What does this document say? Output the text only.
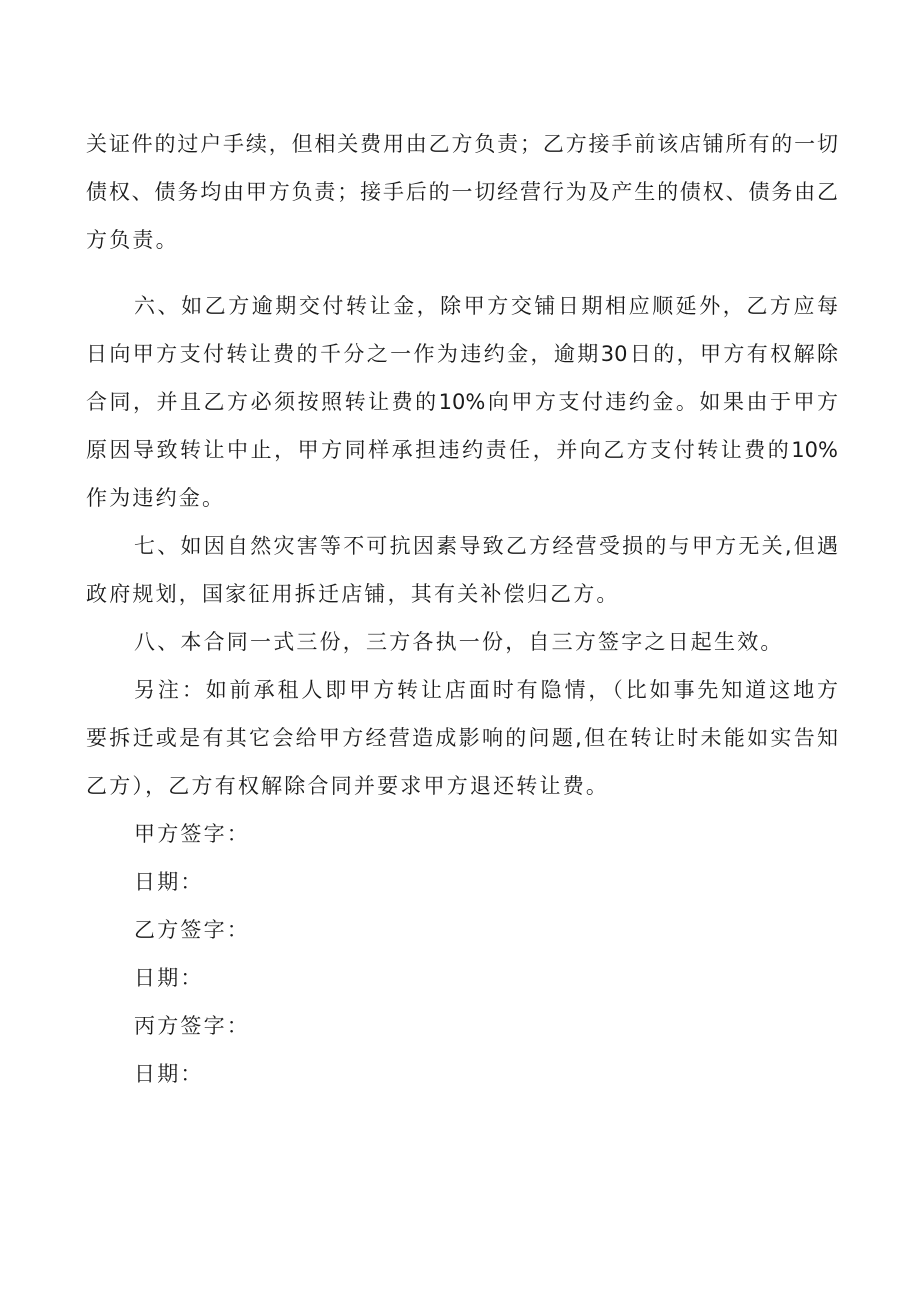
关证件的过户手续，但相关费用由乙方负责；乙方接手前该店铺所有的一切
债权、债务均由甲方负责；接手后的一切经营行为及产生的债权、债务由乙
方负责。
六、如乙方逾期交付转让金，除甲方交铺日期相应顺延外，乙方应每
日向甲方支付转让费的千分之一作为违约金，逾期30日的，甲方有权解除
合同，并且乙方必须按照转让费的10%向甲方支付违约金。如果由于甲方
原因导致转让中止，甲方同样承担违约责任，并向乙方支付转让费的10%
作为违约金。
七、如因自然灾害等不可抗因素导致乙方经营受损的与甲方无关,但遇
政府规划，国家征用拆迁店铺，其有关补偿归乙方。
八、本合同一式三份，三方各执一份，自三方签字之日起生效。
另注：如前承租人即甲方转让店面时有隐情，（比如事先知道这地方
要拆迁或是有其它会给甲方经营造成影响的问题,但在转让时未能如实告知
乙方），乙方有权解除合同并要求甲方退还转让费。
甲方签字：
日期：
乙方签字：
日期：
丙方签字：
日期：
